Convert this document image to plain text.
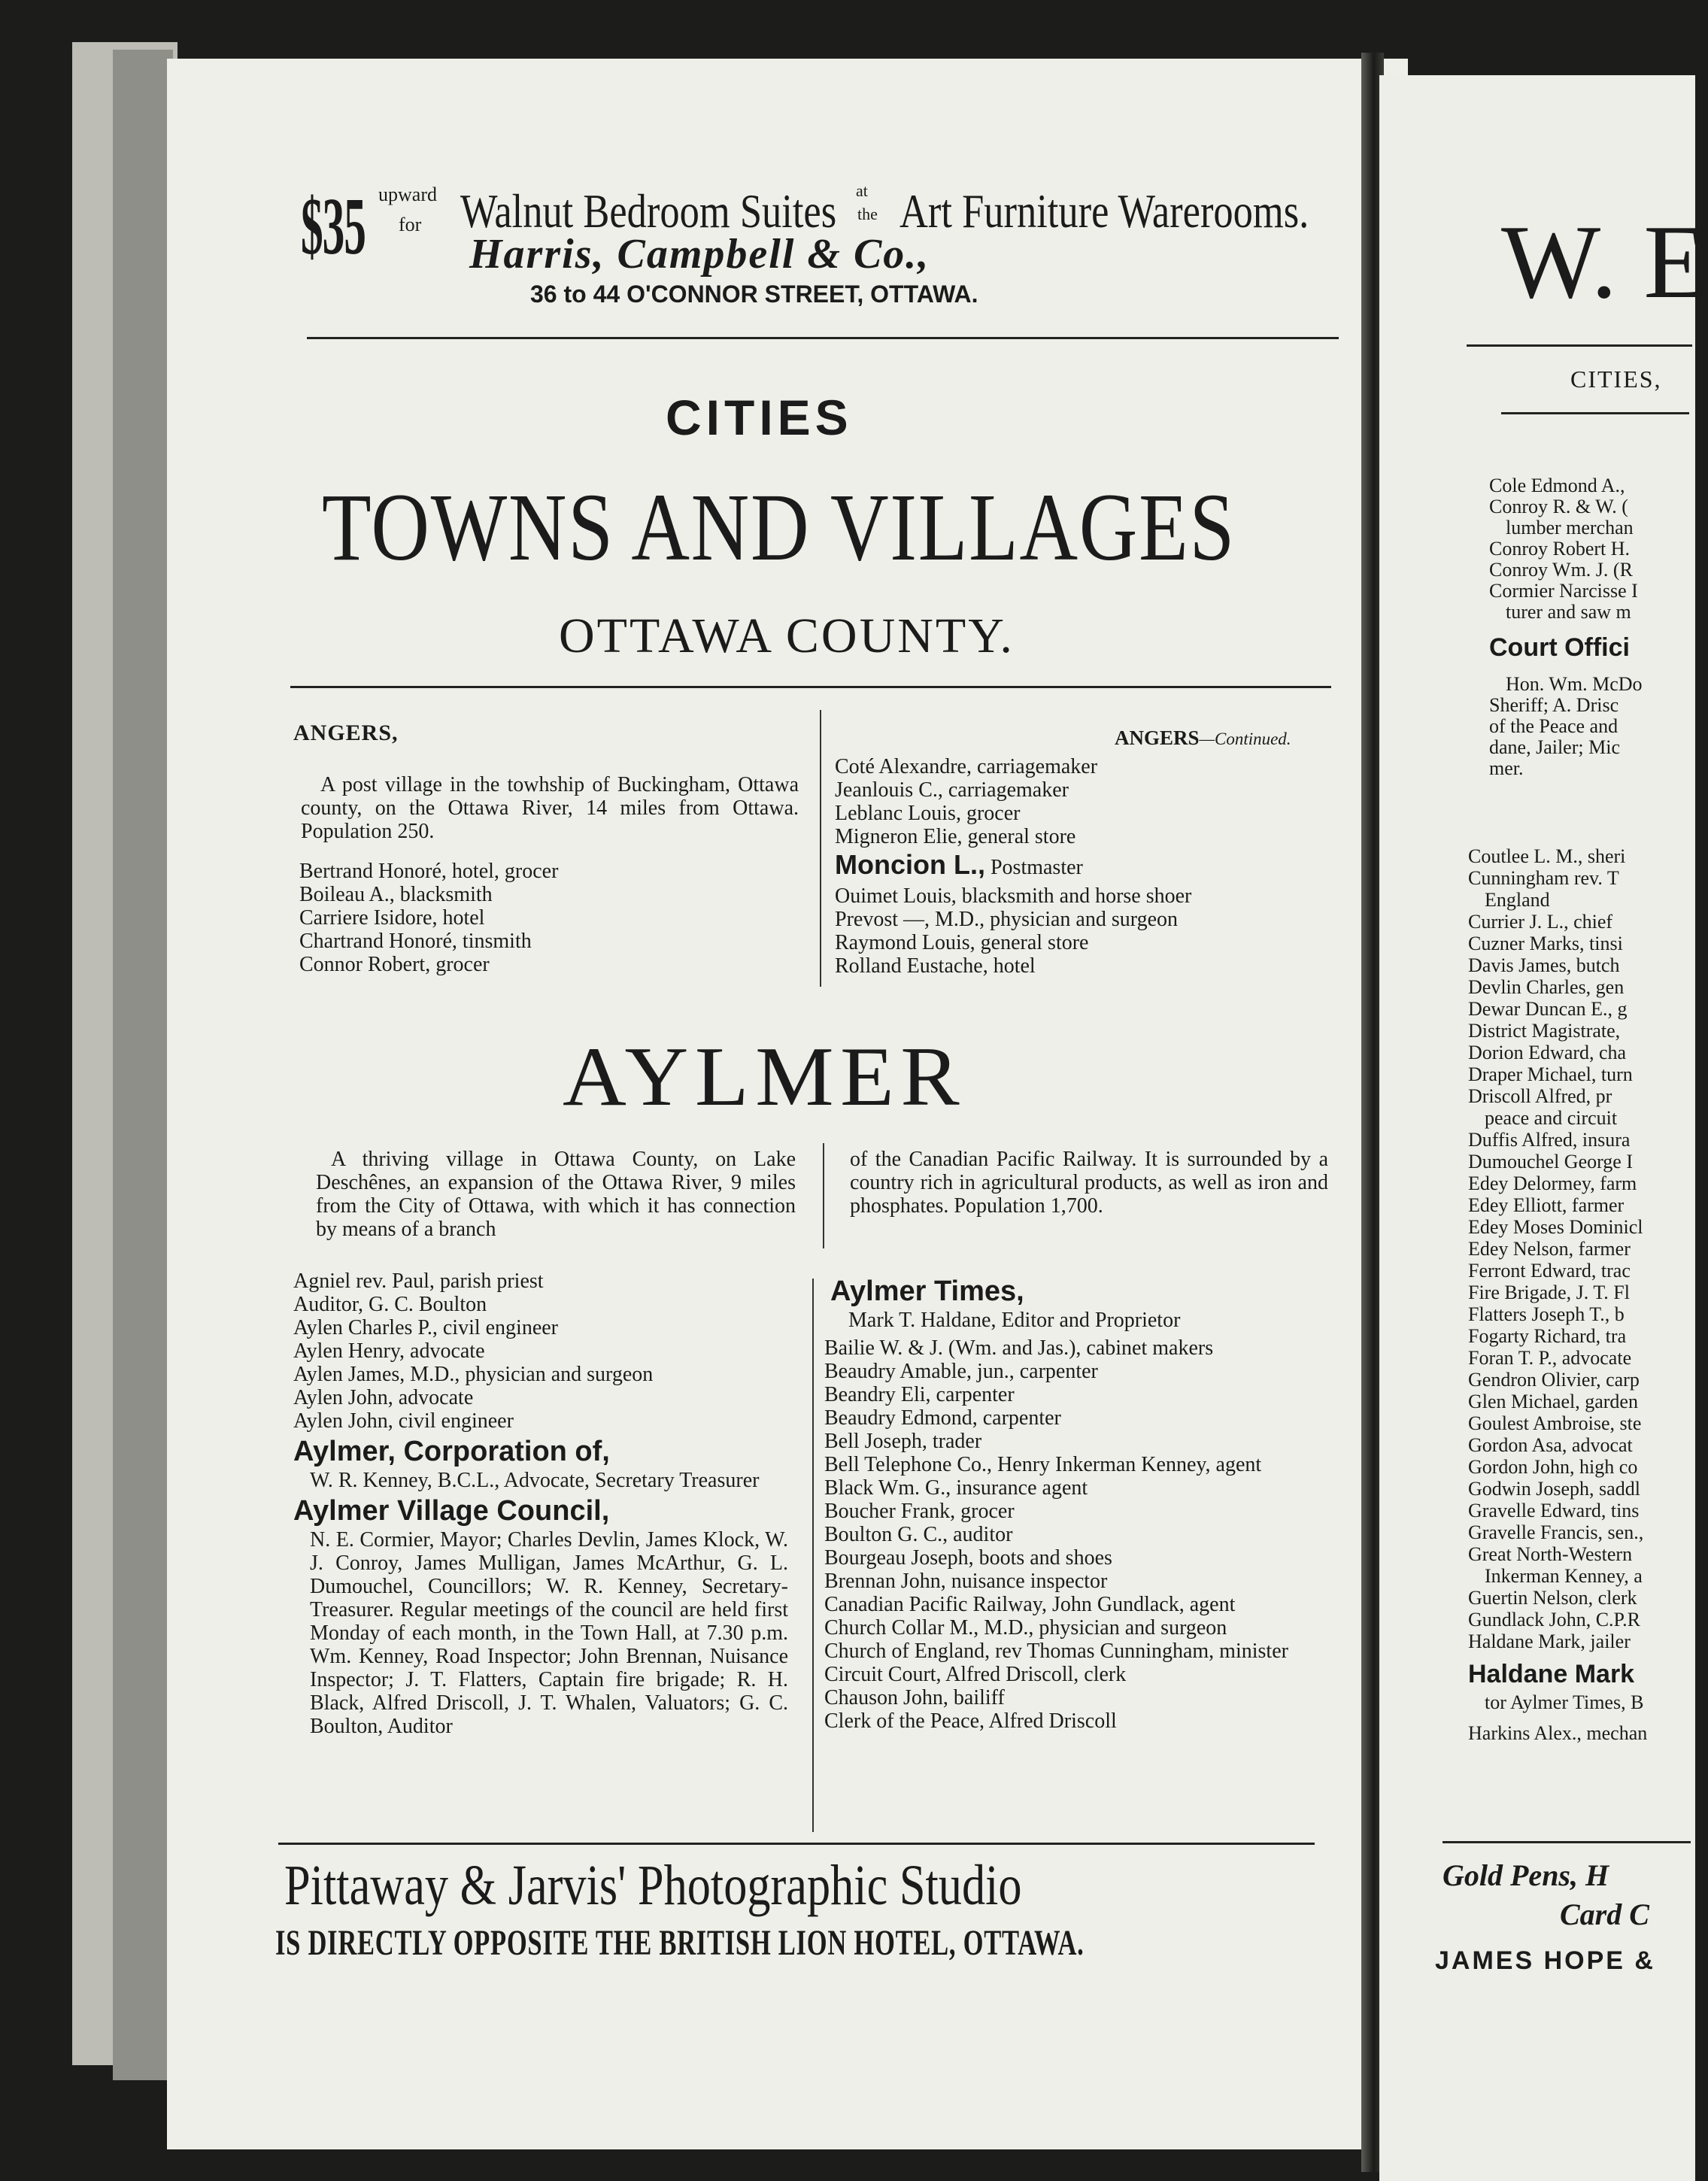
$35 upward
for Walnut Bedroom Suites at
the Art Furniture Warerooms.
Harris, Campbell & Co.,
36 to 44 O'CONNOR STREET, OTTAWA.
CITIES
TOWNS AND VILLAGES
OTTAWA COUNTY.
ANGERS,	ANGERS—Continued.
A post village in the towhship of Buckingham, Ottawa county, on the Ottawa River, 14 miles from Ottawa. Population 250.
Bertrand Honoré, hotel, grocer
Boileau A., blacksmith
Carriere Isidore, hotel
Chartrand Honoré, tinsmith
Connor Robert, grocer
Coté Alexandre, carriagemaker
Jeanlouis C., carriagemaker
Leblanc Louis, grocer
Migneron Elie, general store
Moncion L., Postmaster
Ouimet Louis, blacksmith and horse shoer
Prevost —, M.D., physician and surgeon
Raymond Louis, general store
Rolland Eustache, hotel
AYLMER
A thriving village in Ottawa County, on Lake Deschênes, an expansion of the Ottawa River, 9 miles from the City of Ottawa, with which it has connection by means of a branch
of the Canadian Pacific Railway. It is surrounded by a country rich in agricultural products, as well as iron and phosphates. Population 1,700.
Agniel rev. Paul, parish priest
Auditor, G. C. Boulton
Aylen Charles P., civil engineer
Aylen Henry, advocate
Aylen James, M.D., physician and surgeon
Aylen John, advocate
Aylen John, civil engineer
Aylmer, Corporation of,
W. R. Kenney, B.C.L., Advocate, Secretary Treasurer
Aylmer Village Council,
N. E. Cormier, Mayor; Charles Devlin, James Klock, W. J. Conroy, James Mulligan, James McArthur, G. L. Dumouchel, Councillors; W. R. Kenney, Secretary-Treasurer. Regular meetings of the council are held first Monday of each month, in the Town Hall, at 7.30 p.m. Wm. Kenney, Road Inspector; John Brennan, Nuisance Inspector; J. T. Flatters, Captain fire brigade; R. H. Black, Alfred Driscoll, J. T. Whalen, Valuators; G. C. Boulton, Auditor
Aylmer Times,
Mark T. Haldane, Editor and Proprietor
Bailie W. & J. (Wm. and Jas.), cabinet makers
Beaudry Amable, jun., carpenter
Beandry Eli, carpenter
Beaudry Edmond, carpenter
Bell Joseph, trader
Bell Telephone Co., Henry Inkerman Kenney, agent
Black Wm. G., insurance agent
Boucher Frank, grocer
Boulton G. C., auditor
Bourgeau Joseph, boots and shoes
Brennan John, nuisance inspector
Canadian Pacific Railway, John Gundlack, agent
Church Collar M., M.D., physician and surgeon
Church of England, rev Thomas Cunningham, minister
Circuit Court, Alfred Driscoll, clerk
Chauson John, bailiff
Clerk of the Peace, Alfred Driscoll
Pittaway & Jarvis' Photographic Studio
IS DIRECTLY OPPOSITE THE BRITISH LION HOTEL, OTTAWA.
W. E
CITIES,
Cole Edmond A.,
Conroy R. & W. (
lumber merchan
Conroy Robert H.
Conroy Wm. J. (R
Cormier Narcisse I
turer and saw m
Court Offici
Hon. Wm. McDo
Sheriff; A. Drisc
of the Peace and
dane, Jailer; Mic
mer.
Coutlee L. M., sheri
Cunningham rev. T
England
Currier J. L., chief
Cuzner Marks, tinsi
Davis James, butch
Devlin Charles, gen
Dewar Duncan E., g
District Magistrate,
Dorion Edward, cha
Draper Michael, turn
Driscoll Alfred, pr
peace and circuit
Duffis Alfred, insura
Dumouchel George I
Edey Delormey, farm
Edey Elliott, farmer
Edey Moses Dominicl
Edey Nelson, farmer
Ferront Edward, trac
Fire Brigade, J. T. Fl
Flatters Joseph T., b
Fogarty Richard, tra
Foran T. P., advocate
Gendron Olivier, carp
Glen Michael, garden
Goulest Ambroise, ste
Gordon Asa, advocat
Gordon John, high co
Godwin Joseph, saddl
Gravelle Edward, tins
Gravelle Francis, sen.,
Great North-Western
Inkerman Kenney, a
Guertin Nelson, clerk
Gundlack John, C.P.R
Haldane Mark, jailer
Haldane Mark
tor Aylmer Times, B
Harkins Alex., mechan
Gold Pens, H
Card C
JAMES HOPE &
